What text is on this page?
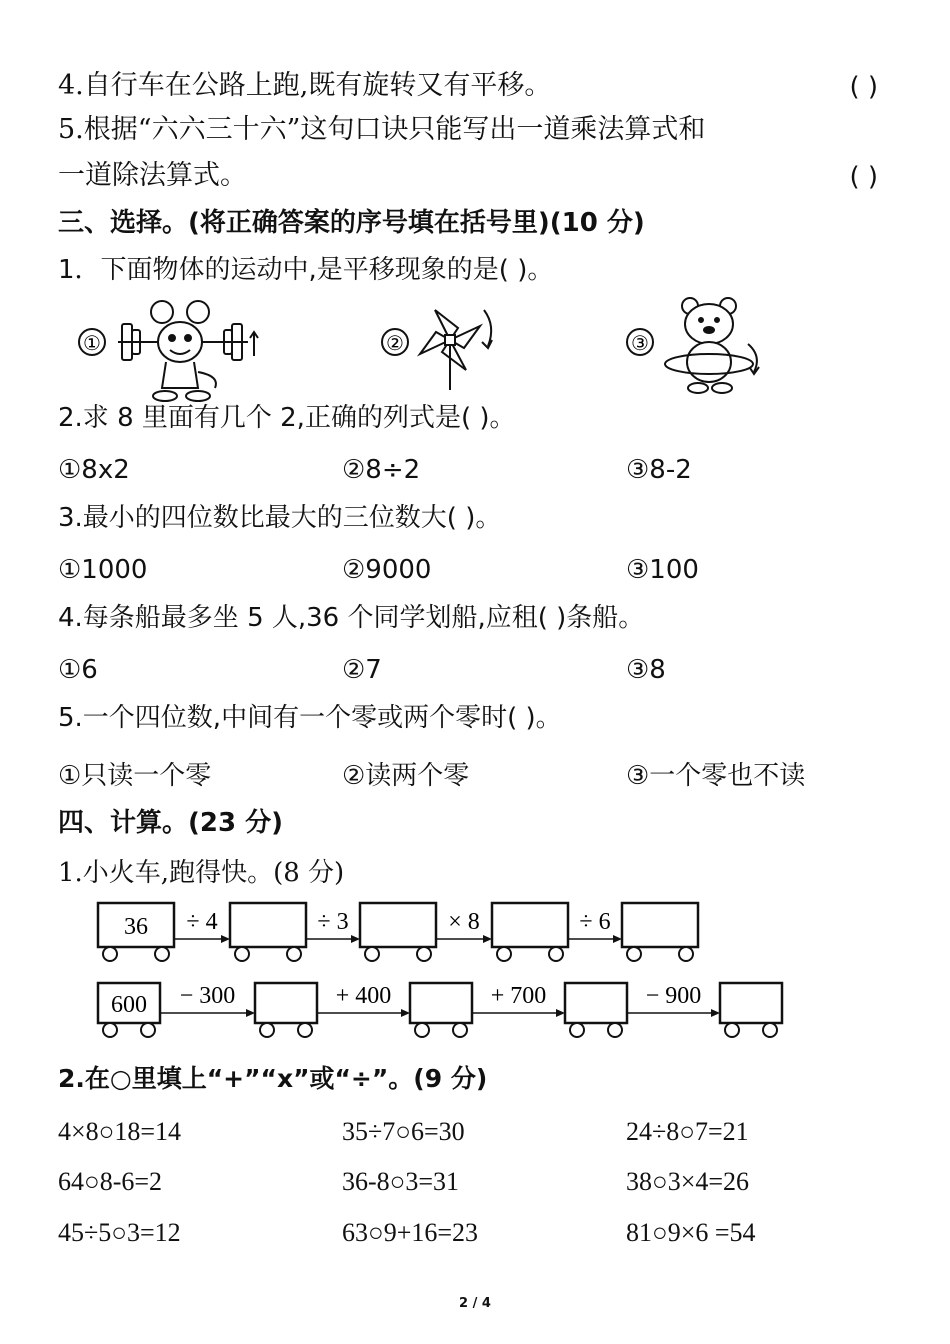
4.自行车在公路上跑,既有旋转又有平移。	( )
5.根据“六六三十六”这句口诀只能写出一道乘法算式和
一道除法算式。	( )
三、选择。(将正确答案的序号填在括号里)(10 分)
1．下面物体的运动中,是平移现象的是( )。
①	②	③
2.求 8 里面有几个 2,正确的列式是( )。
①8x2	②8÷2	③8-2
3.最小的四位数比最大的三位数大( )。
①1000	②9000	③100
4.每条船最多坐 5 人,36 个同学划船,应租( )条船。
①6	②7	③8
5.一个四位数,中间有一个零或两个零时( )。
①只读一个零	②读两个零	③一个零也不读
四、计算。(23 分)
1.小火车,跑得快。(8 分)
36 ÷ 4	÷ 3	× 8	÷ 6
600 − 300	+ 400	+ 700	− 900
2.在○里填上“+”“x”或“÷”。(9 分)
4×8○18=14	35÷7○6=30	24÷8○7=21
64○8-6=2	36-8○3=31	38○3×4=26
45÷5○3=12	63○9+16=23	81○9×6 =54
2 / 4
